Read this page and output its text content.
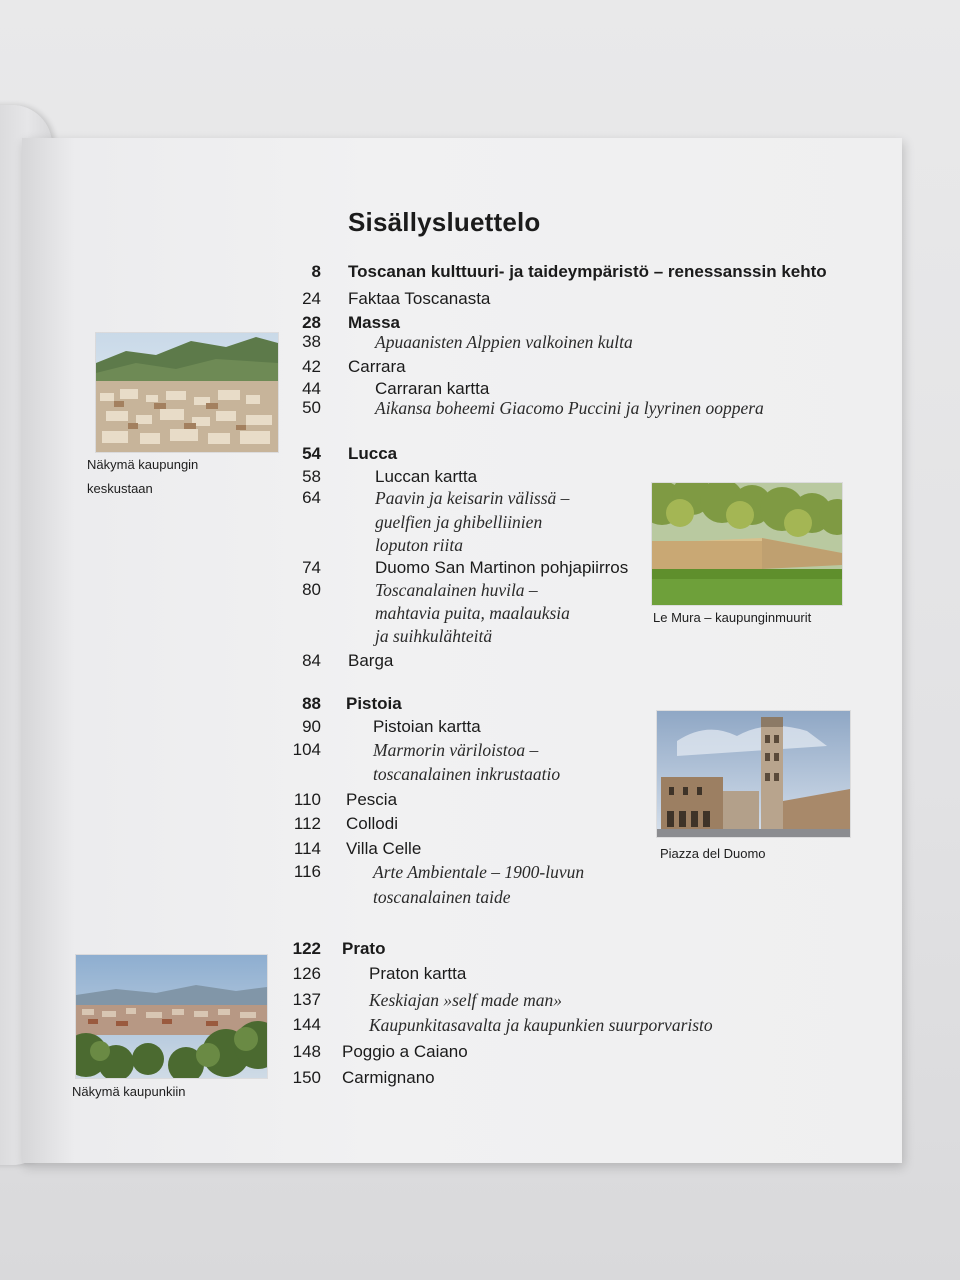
Sisällysluettelo
8 Toscanan kulttuuri- ja taideympäristö – renessanssin kehto
24 Faktaa Toscanasta
28 Massa
38	Apuaanisten Alppien valkoinen kulta
42 Carrara
44	Carraran kartta
50	Aikansa boheemi Giacomo Puccini ja lyyrinen ooppera
54 Lucca
58	Luccan kartta
64	Paavin ja keisarin välissä –
guelfien ja ghibelliinien
loputon riita
74	Duomo San Martinon pohjapiirros
80	Toscanalainen huvila –
mahtavia puita, maalauksia
ja suihkulähteitä
84 Barga
88 Pistoia
90	Pistoian kartta
104	Marmorin väriloistoa –
toscanalainen inkrustaatio
110 Pescia
112 Collodi
114 Villa Celle
116	Arte Ambientale – 1900-luvun
toscanalainen taide
122 Prato
126	Praton kartta
137	Keskiajan »self made man»
144	Kaupunkitasavalta ja kaupunkien suurporvaristo
148 Poggio a Caiano
150 Carmignano
Näkymä kaupungin
keskustaan
Le Mura – kaupunginmuurit
Piazza del Duomo
Näkymä kaupunkiin
